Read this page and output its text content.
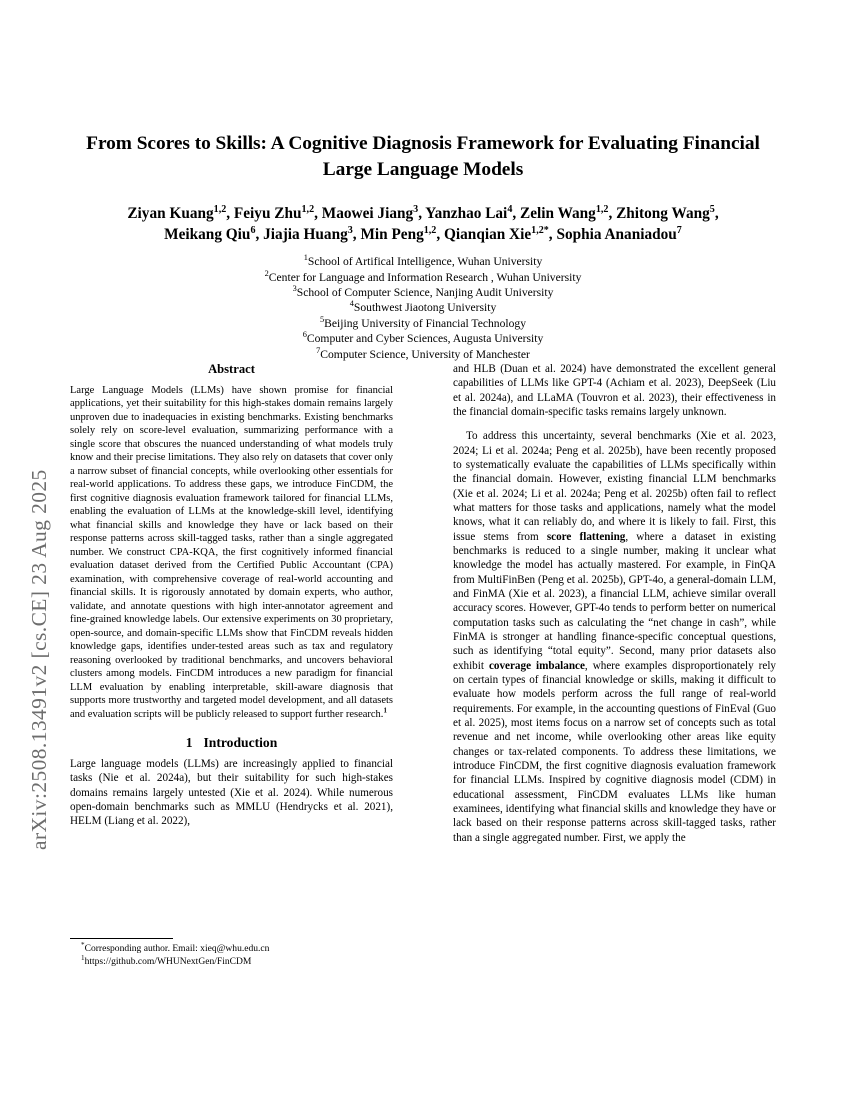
arXiv:2508.13491v2 [cs.CE] 23 Aug 2025
From Scores to Skills: A Cognitive Diagnosis Framework for Evaluating Financial Large Language Models
Ziyan Kuang$^{1,2}$, Feiyu Zhu$^{1,2}$, Maowei Jiang$^3$, Yanzhao Lai$^4$, Zelin Wang$^{1,2}$, Zhitong Wang$^5$,
Meikang Qiu$^6$, Jiajia Huang$^3$, Min Peng$^{1,2}$, Qianqian Xie$^{1,2*}$, Sophia Ananiadou$^7$
$^1$School of Artifical Intelligence, Wuhan University
$^2$Center for Language and Information Research , Wuhan University
$^3$School of Computer Science, Nanjing Audit University
$^4$Southwest Jiaotong University
$^5$Beijing University of Financial Technology
$^6$Computer and Cyber Sciences, Augusta University
$^7$Computer Science, University of Manchester
Abstract

Large Language Models (LLMs) have shown promise for financial applications, yet their suitability for this high-stakes domain remains largely unproven due to inadequacies in existing benchmarks. Existing benchmarks solely rely on score-level evaluation, summarizing performance with a single score that obscures the nuanced understanding of what models truly know and their precise limitations. They also rely on datasets that cover only a narrow subset of financial concepts, while overlooking other essentials for real-world applications. To address these gaps, we introduce FinCDM, the first cognitive diagnosis evaluation framework tailored for financial LLMs, enabling the evaluation of LLMs at the knowledge-skill level, identifying what financial skills and knowledge they have or lack based on their response patterns across skill-tagged tasks, rather than a single aggregated number. We construct CPA-KQA, the first cognitively informed financial evaluation dataset derived from the Certified Public Accountant (CPA) examination, with comprehensive coverage of real-world accounting and financial skills. It is rigorously annotated by domain experts, who author, validate, and annotate questions with high inter-annotator agreement and fine-grained knowledge labels. Our extensive experiments on 30 proprietary, open-source, and domain-specific LLMs show that FinCDM reveals hidden knowledge gaps, identifies under-tested areas such as tax and regulatory reasoning overlooked by traditional benchmarks, and uncovers behavioral clusters among models. FinCDM introduces a new paradigm for financial LLM evaluation by enabling interpretable, skill-aware diagnosis that supports more trustworthy and targeted model development, and all datasets and evaluation scripts will be publicly released to support further research.$^1$

1 Introduction

Large language models (LLMs) are increasingly applied to financial tasks (Nie et al. 2024a), but their suitability for such high-stakes domains remains largely untested (Xie et al. 2024). While numerous open-domain benchmarks such as MMLU (Hendrycks et al. 2021), HELM (Liang et al. 2022),

and HLB (Duan et al. 2024) have demonstrated the excellent general capabilities of LLMs like GPT-4 (Achiam et al. 2023), DeepSeek (Liu et al. 2024a), and LLaMA (Touvron et al. 2023), their effectiveness in the financial domain-specific tasks remains largely unknown.

To address this uncertainty, several benchmarks (Xie et al. 2023, 2024; Li et al. 2024a; Peng et al. 2025b), have been recently proposed to systematically evaluate the capabilities of LLMs specifically within the financial domain. However, existing financial LLM benchmarks (Xie et al. 2024; Li et al. 2024a; Peng et al. 2025b) often fail to reflect what matters for those tasks and applications, namely what the model knows, what it can reliably do, and where it is likely to fail. First, this issue stems from score flattening, where a dataset in existing benchmarks is reduced to a single number, making it unclear what knowledge the model has actually mastered. For example, in FinQA from MultiFinBen (Peng et al. 2025b), GPT-4o, a general-domain LLM, and FinMA (Xie et al. 2023), a financial LLM, achieve similar overall accuracy scores. However, GPT-4o tends to perform better on numerical computation tasks such as calculating the “net change in cash”, while FinMA is stronger at handling finance-specific conceptual questions, such as identifying “total equity”. Second, many prior datasets also exhibit coverage imbalance, where examples disproportionately rely on certain types of financial knowledge or skills, making it difficult to evaluate how models perform across the full range of real-world requirements. For example, in the accounting questions of FinEval (Guo et al. 2025), most items focus on a narrow set of concepts such as total revenue and net income, while overlooking other areas like equity changes or tax-related components. To address these limitations, we introduce FinCDM, the first cognitive diagnosis evaluation framework for financial LLMs. Inspired by cognitive diagnosis model (CDM) in educational assessment, FinCDM evaluates LLMs like human examinees, identifying what financial skills and knowledge they have or lack based on their response patterns across skill-tagged tasks, rather than a single aggregated number. First, we apply the

*Corresponding author. Email: xieq@whu.edu.cn

$^1$https://github.com/WHUNextGen/FinCDM
